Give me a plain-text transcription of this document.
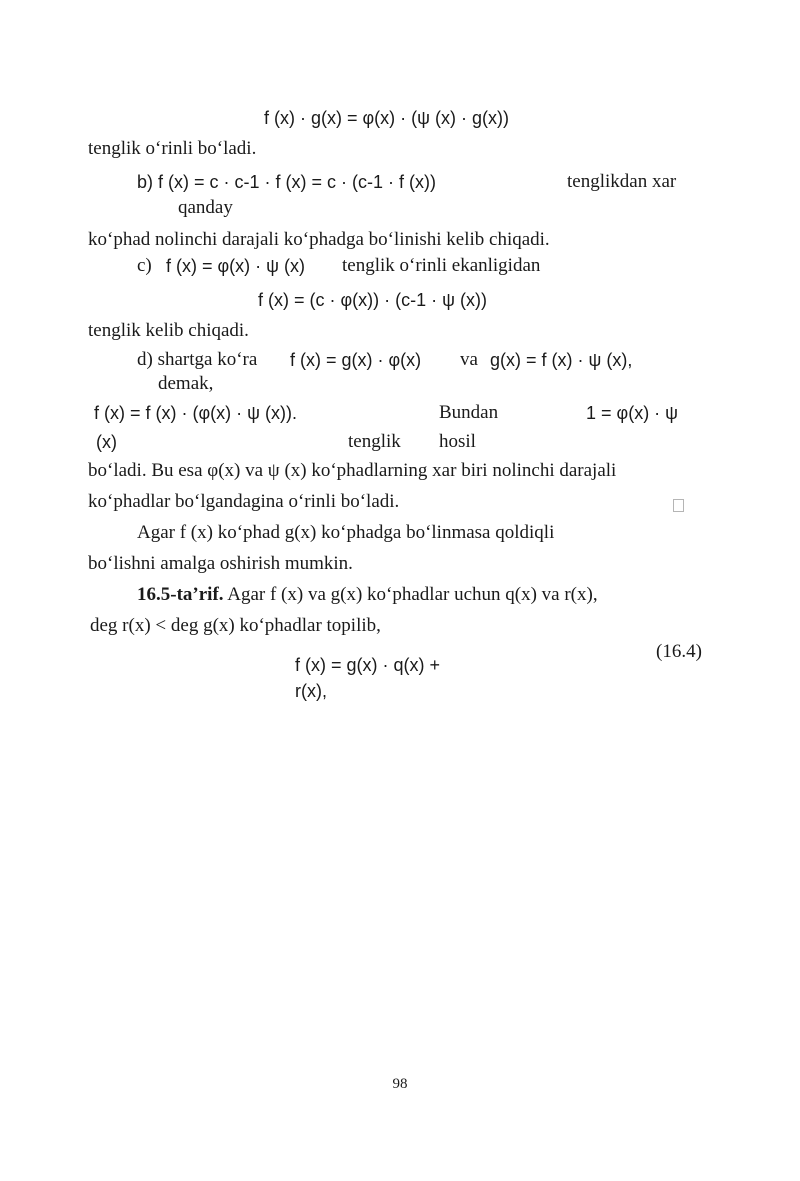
f (x) · g(x) = φ(x) · (ψ (x) · g(x))
tenglik o‘rinli bo‘ladi.
b) f (x) = c · c-1 · f (x) = c · (c-1 · f (x))	tenglikdan xar
qanday
ko‘phad nolinchi darajali ko‘phadga bo‘linishi kelib chiqadi.
c) f (x) = φ(x) · ψ (x) tenglik o‘rinli ekanligidan
f (x) = (c · φ(x)) · (c-1 · ψ (x))
tenglik kelib chiqadi.
d) shartga ko‘ra f (x) = g(x) · φ(x) va g(x) = f (x) · ψ (x),
demak,
f (x) = f (x) · (φ(x) · ψ (x)).	Bundan	1 = φ(x) · ψ
(x)	tenglik hosil
bo‘ladi. Bu esa φ(x) va ψ (x) ko‘phadlarning xar biri nolinchi darajali
ko‘phadlar bo‘lgandagina o‘rinli bo‘ladi.
Agar f (x) ko‘phad g(x) ko‘phadga bo‘linmasa qoldiqli
bo‘lishni amalga oshirish mumkin.
16.5-ta’rif. Agar f (x) va g(x) ko‘phadlar uchun q(x) va r(x),
deg r(x) < deg g(x) ko‘phadlar topilib,
f (x) = g(x) · q(x) +
(16.4)
r(x),
98
